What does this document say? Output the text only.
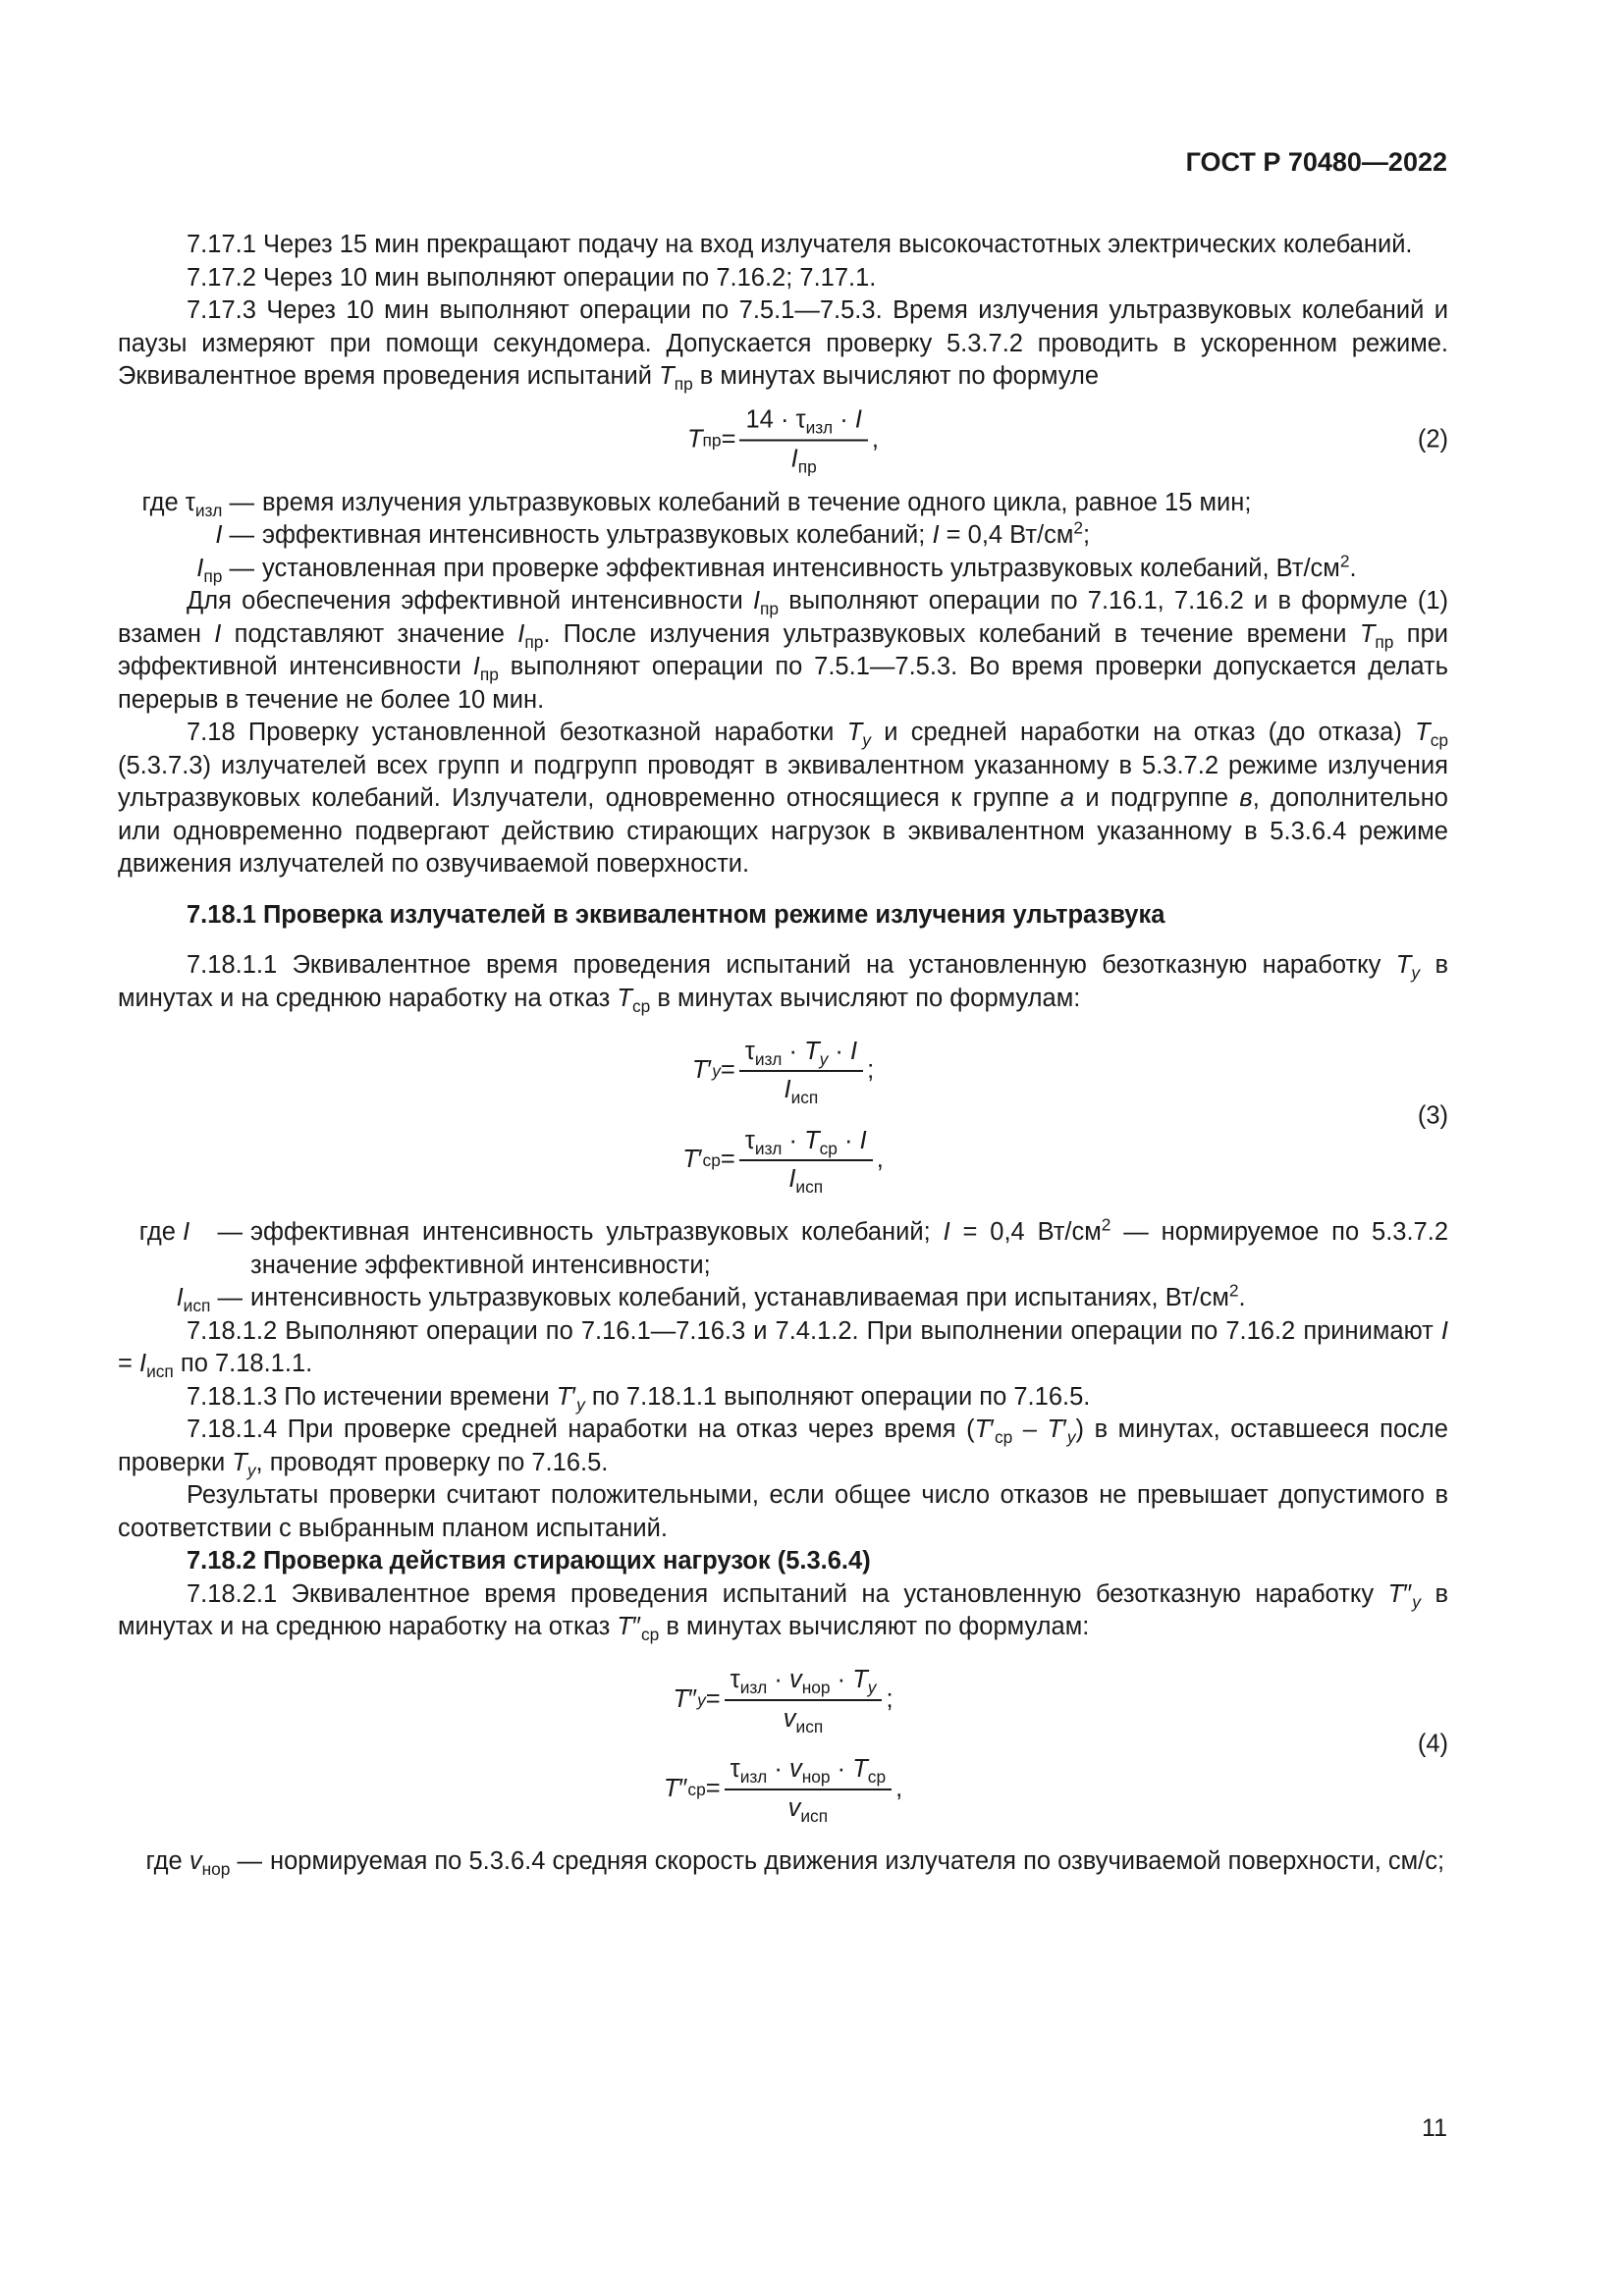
ГОСТ Р 70480—2022

7.17.1 Через 15 мин прекращают подачу на вход излучателя высокочастотных электрических колебаний.

7.17.2 Через 10 мин выполняют операции по 7.16.2; 7.17.1.

7.17.3 Через 10 мин выполняют операции по 7.5.1—7.5.3. Время излучения ультразвуковых колебаний и паузы измеряют при помощи секундомера. Допускается проверку 5.3.7.2 проводить в ускоренном режиме. Эквивалентное время проведения испытаний $T_{пр}$ в минутах вычисляют по формуле

T пр = $\frac{14 \cdot \tau_{изл} \cdot I}{I_{пр}}$ ,	(2)
где $\tau_{изл}$ —	время излучения ультразвуковых колебаний в течение одного цикла, равное 15 мин;
I —	эффективная интенсивность ультразвуковых колебаний; I = 0,4 $Вт/см^2$;
$I_{пр}$ —	установленная при проверке эффективная интенсивность ультразвуковых колебаний, $Вт/см^2$.

Для обеспечения эффективной интенсивности $I_{пр}$ выполняют операции по 7.16.1, 7.16.2 и в формуле (1) взамен I подставляют значение $I_{пр}$. После излучения ультразвуковых колебаний в течение времени $T_{пр}$ при эффективной интенсивности $I_{пр}$ выполняют операции по 7.5.1—7.5.3. Во время проверки допускается делать перерыв в течение не более 10 мин.

7.18 Проверку установленной безотказной наработки $T_у$ и средней наработки на отказ (до отказа) $T_{ср}$ (5.3.7.3) излучателей всех групп и подгрупп проводят в эквивалентном указанному в 5.3.7.2 режиме излучения ультразвуковых колебаний. Излучатели, одновременно относящиеся к группе а и подгруппе в, дополнительно или одновременно подвергают действию стирающих нагрузок в эквивалентном указанному в 5.3.6.4 режиме движения излучателей по озвучиваемой поверхности.

7.18.1 Проверка излучателей в эквивалентном режиме излучения ультразвука

7.18.1.1 Эквивалентное время проведения испытаний на установленную безотказную наработку $T_у$ в минутах и на среднюю наработку на отказ $T_{ср}$ в минутах вычисляют по формулам:

T ′ $у = \frac{\tau_{изл} \cdot T_у \cdot I}{I_{исп}}$ ;
T ′ ср = $\frac{\tau_{изл} \cdot T_{ср} \cdot I}{I_{исп}}$ ,
(3)
где I —	эффективная интенсивность ультразвуковых колебаний; I = 0,4 $Вт/см^2$ — нормируемое по 5.3.7.2 значение эффективной интенсивности;
$I_{исп}$ —	интенсивность ультразвуковых колебаний, устанавливаемая при испытаниях, $Вт/см^2$.

7.18.1.2 Выполняют операции по 7.16.1—7.16.3 и 7.4.1.2. При выполнении операции по 7.16.2 принимают $I = I_{исп}$ по 7.18.1.1.

7.18.1.3 По истечении времени $T'_у$ по 7.18.1.1 выполняют операции по 7.16.5.

7.18.1.4 При проверке средней наработки на отказ через время $(T'_{ср} - T'_у)$ в минутах, оставшееся после проверки $T_у$, проводят проверку по 7.16.5.

Результаты проверки считают положительными, если общее число отказов не превышает допустимого в соответствии с выбранным планом испытаний.

7.18.2 Проверка действия стирающих нагрузок (5.3.6.4)

7.18.2.1 Эквивалентное время проведения испытаний на установленную безотказную наработку $T''_у$ в минутах и на среднюю наработку на отказ $T''_{ср}$ в минутах вычисляют по формулам:

T ″ $у = \frac{\tau_{изл} \cdot v_{нор} \cdot T_у}{v_{исп}}$ ;
T ″ ср = $\frac{\tau_{изл} \cdot v_{нор} \cdot T_{ср}}{v_{исп}}$ ,
(4)
где $v_{нор}$ —	нормируемая по 5.3.6.4 средняя скорость движения излучателя по озвучиваемой поверхности, см/с;
11
